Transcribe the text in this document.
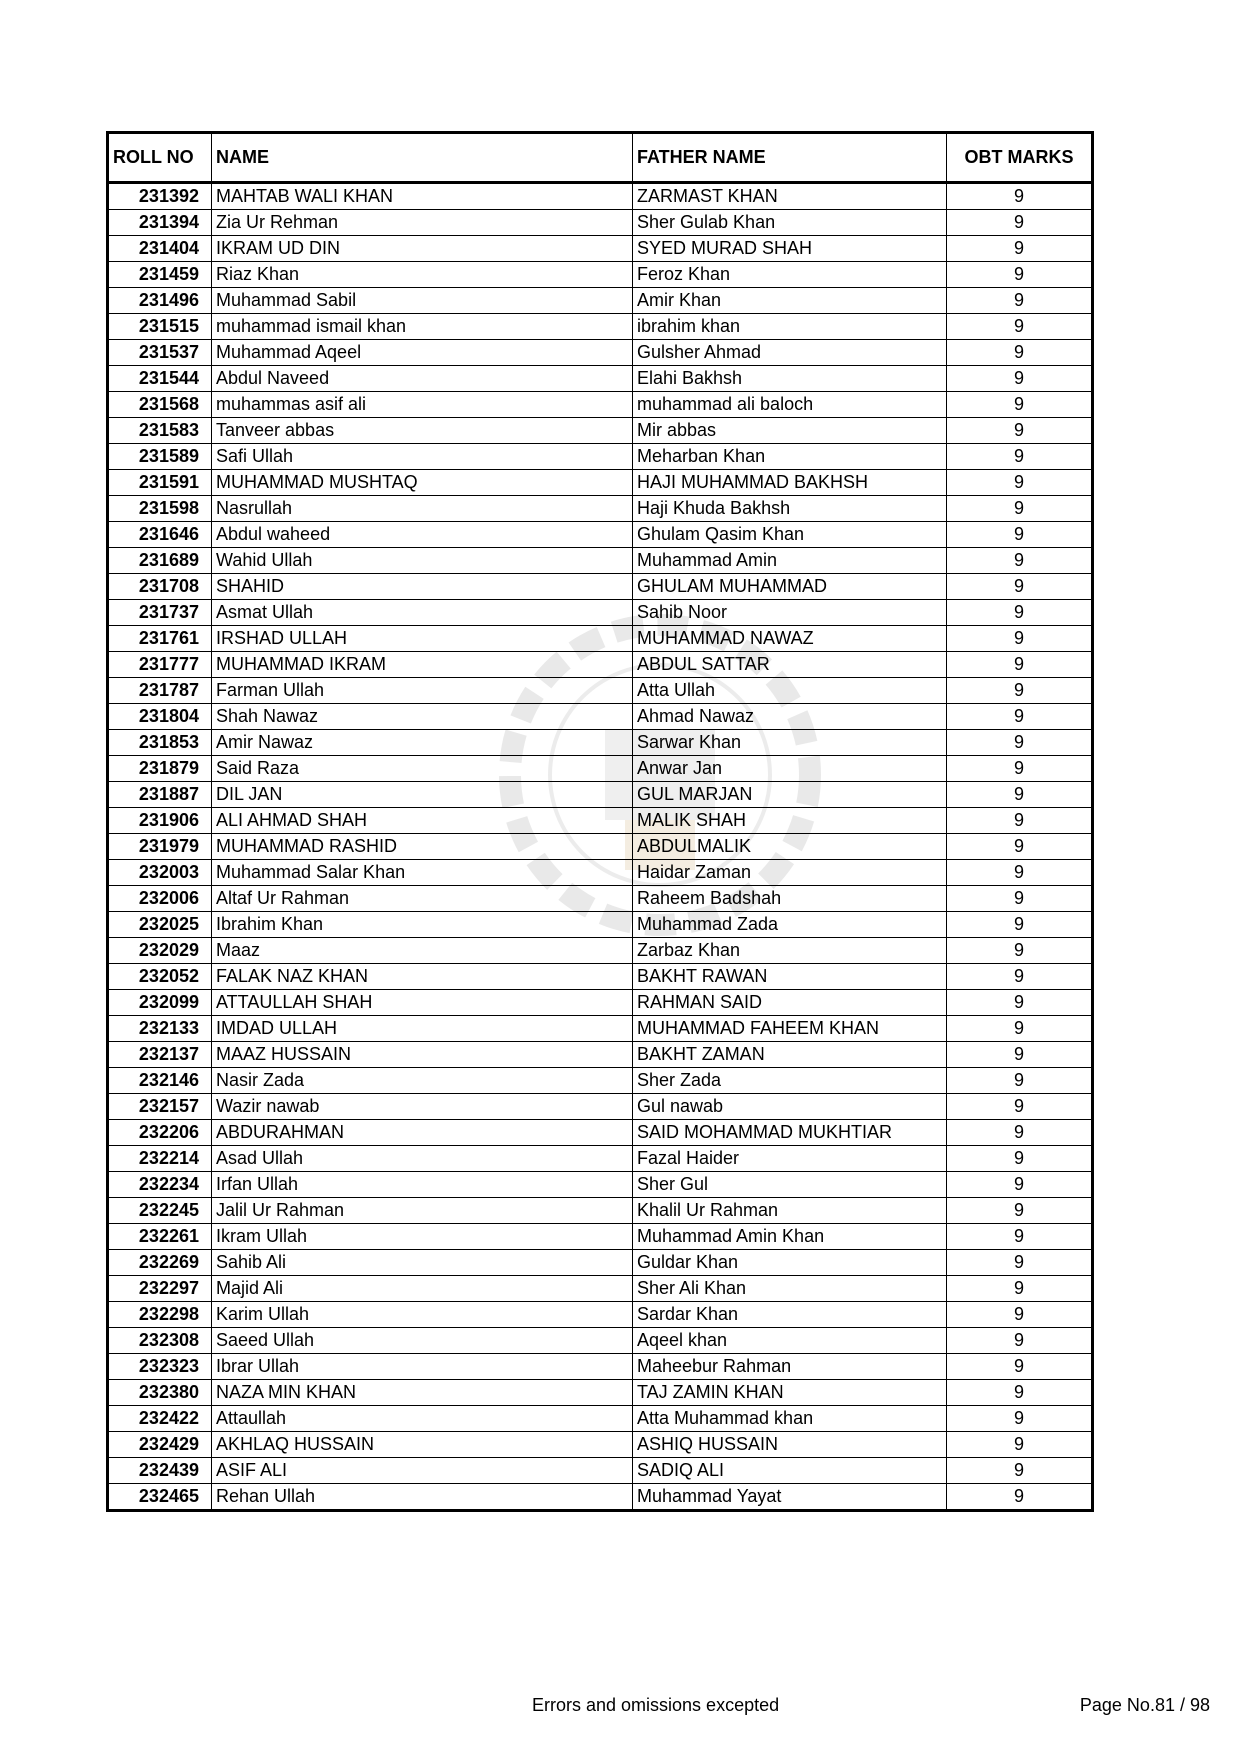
ROLL NO	NAME	FATHER NAME	OBT MARKS
231392	MAHTAB WALI KHAN	ZARMAST KHAN	9
231394	Zia Ur Rehman	Sher Gulab Khan	9
231404	IKRAM UD DIN	SYED MURAD SHAH	9
231459	Riaz Khan	Feroz Khan	9
231496	Muhammad Sabil	Amir Khan	9
231515	muhammad ismail khan	ibrahim khan	9
231537	Muhammad Aqeel	Gulsher Ahmad	9
231544	Abdul Naveed	Elahi Bakhsh	9
231568	muhammas asif ali	muhammad ali baloch	9
231583	Tanveer abbas	Mir abbas	9
231589	Safi Ullah	Meharban Khan	9
231591	MUHAMMAD MUSHTAQ	HAJI MUHAMMAD BAKHSH	9
231598	Nasrullah	Haji Khuda Bakhsh	9
231646	Abdul waheed	Ghulam Qasim Khan	9
231689	Wahid Ullah	Muhammad Amin	9
231708	SHAHID	GHULAM MUHAMMAD	9
231737	Asmat Ullah	Sahib Noor	9
231761	IRSHAD ULLAH	MUHAMMAD NAWAZ	9
231777	MUHAMMAD IKRAM	ABDUL SATTAR	9
231787	Farman Ullah	Atta Ullah	9
231804	Shah Nawaz	Ahmad Nawaz	9
231853	Amir Nawaz	Sarwar Khan	9
231879	Said Raza	Anwar Jan	9
231887	DIL JAN	GUL MARJAN	9
231906	ALI AHMAD SHAH	MALIK SHAH	9
231979	MUHAMMAD RASHID	ABDULMALIK	9
232003	Muhammad Salar Khan	Haidar Zaman	9
232006	Altaf Ur Rahman	Raheem Badshah	9
232025	Ibrahim Khan	Muhammad Zada	9
232029	Maaz	Zarbaz Khan	9
232052	FALAK NAZ KHAN	BAKHT RAWAN	9
232099	ATTAULLAH SHAH	RAHMAN SAID	9
232133	IMDAD ULLAH	MUHAMMAD FAHEEM KHAN	9
232137	MAAZ HUSSAIN	BAKHT ZAMAN	9
232146	Nasir Zada	Sher Zada	9
232157	Wazir nawab	Gul nawab	9
232206	ABDURAHMAN	SAID MOHAMMAD MUKHTIAR	9
232214	Asad Ullah	Fazal Haider	9
232234	Irfan Ullah	Sher Gul	9
232245	Jalil Ur Rahman	Khalil Ur Rahman	9
232261	Ikram Ullah	Muhammad Amin Khan	9
232269	Sahib Ali	Guldar Khan	9
232297	Majid Ali	Sher Ali Khan	9
232298	Karim Ullah	Sardar Khan	9
232308	Saeed Ullah	Aqeel khan	9
232323	Ibrar Ullah	Maheebur Rahman	9
232380	NAZA MIN KHAN	TAJ ZAMIN KHAN	9
232422	Attaullah	Atta Muhammad khan	9
232429	AKHLAQ HUSSAIN	ASHIQ HUSSAIN	9
232439	ASIF ALI	SADIQ ALI	9
232465	Rehan Ullah	Muhammad Yayat	9
Errors and omissions excepted	Page No.81 / 98
